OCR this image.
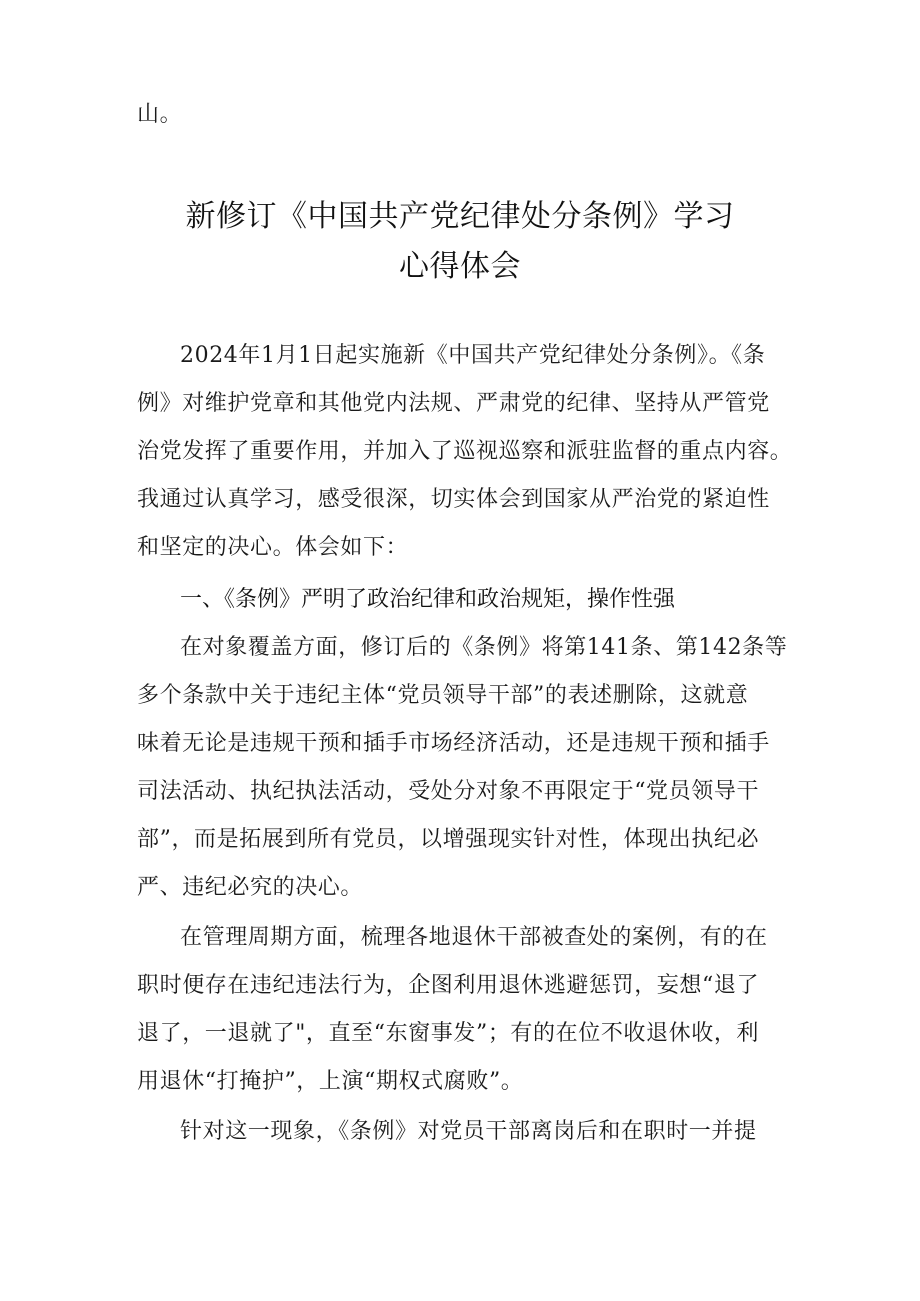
山。
新修订《中国共产党纪律处分条例》学习
心得体会
2024年1月1日起实施新《中国共产党纪律处分条例》。《条
例》对维护党章和其他党内法规、严肃党的纪律、坚持从严管党
治党发挥了重要作用，并加入了巡视巡察和派驻监督的重点内容。
我通过认真学习，感受很深，切实体会到国家从严治党的紧迫性
和坚定的决心。体会如下：
一、《条例》严明了政治纪律和政治规矩，操作性强
在对象覆盖方面，修订后的《条例》将第141条、第142条等
多个条款中关于违纪主体“党员领导干部”的表述删除，这就意
味着无论是违规干预和插手市场经济活动，还是违规干预和插手
司法活动、执纪执法活动，受处分对象不再限定于“党员领导干
部”，而是拓展到所有党员，以增强现实针对性，体现出执纪必
严、违纪必究的决心。
在管理周期方面，梳理各地退休干部被查处的案例，有的在
职时便存在违纪违法行为，企图利用退休逃避惩罚，妄想“退了
退了，一退就了"，直至“东窗事发”；有的在位不收退休收，利
用退休“打掩护”，上演“期权式腐败”。
针对这一现象，《条例》对党员干部离岗后和在职时一并提
